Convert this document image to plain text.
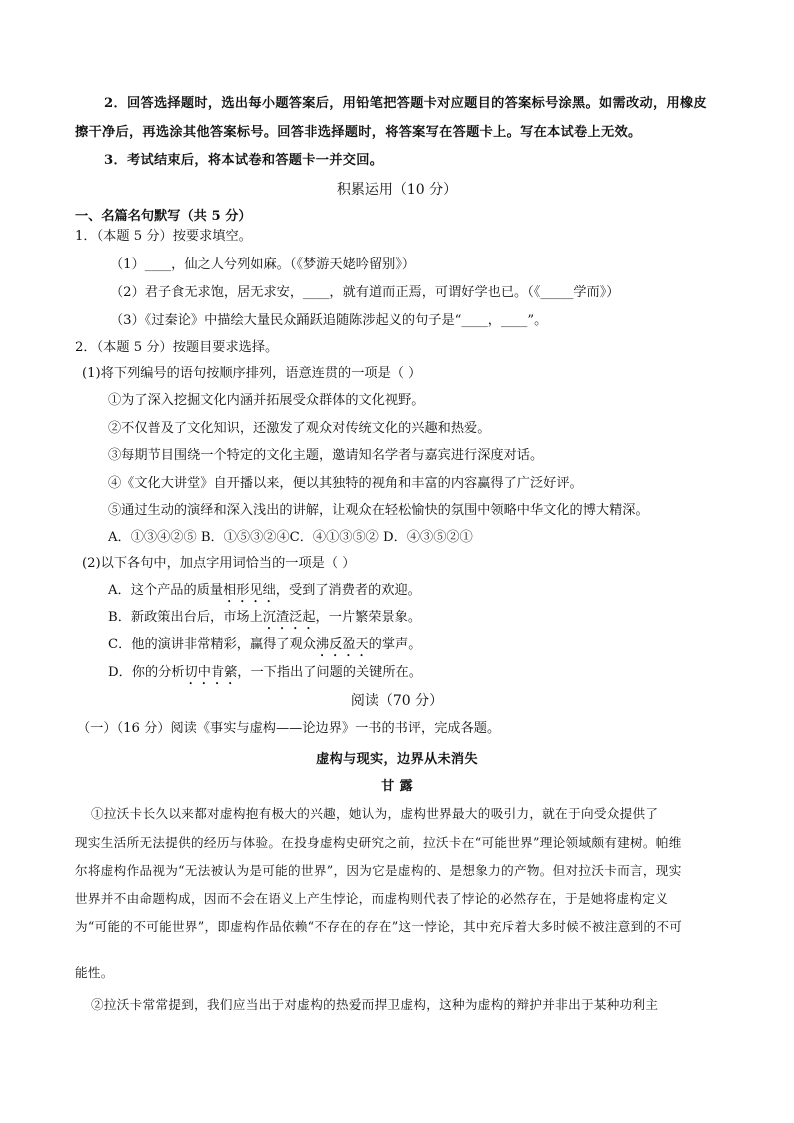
2．回答选择题时，选出每小题答案后，用铅笔把答题卡对应题目的答案标号涂黑。如需改动，用橡皮
擦干净后，再选涂其他答案标号。回答非选择题时，将答案写在答题卡上。写在本试卷上无效。
3．考试结束后，将本试卷和答题卡一并交回。
积累运用（10 分）
一、名篇名句默写（共 5 分）
1．（本题 5 分）按要求填空。
（1）____，仙之人兮列如麻。（《梦游天姥吟留别》）
（2）君子食无求饱，居无求安，____，就有道而正焉，可谓好学也已。（《_____学而》）
（3）《过秦论》中描绘大量民众踊跃追随陈涉起义的句子是“____，____”。
2．（本题 5 分）按题目要求选择。
(1)将下列编号的语句按顺序排列，语意连贯的一项是（ ）
①为了深入挖掘文化内涵并拓展受众群体的文化视野。
②不仅普及了文化知识，还激发了观众对传统文化的兴趣和热爱。
③每期节目围绕一个特定的文化主题，邀请知名学者与嘉宾进行深度对话。
④《文化大讲堂》自开播以来，便以其独特的视角和丰富的内容赢得了广泛好评。
⑤通过生动的演绎和深入浅出的讲解，让观众在轻松愉快的氛围中领略中华文化的博大精深。
A．①③④②⑤ B．①⑤③②④C．④①③⑤② D．④③⑤②①
(2)以下各句中，加点字用词恰当的一项是（ ）
A．这个产品的质量相形见绌，受到了消费者的欢迎。
B．新政策出台后，市场上沉渣泛起，一片繁荣景象。
C．他的演讲非常精彩，赢得了观众沸反盈天的掌声。
D．你的分析切中肯綮，一下指出了问题的关键所在。
阅读（70 分）
（一）（16 分）阅读《事实与虚构——论边界》一书的书评，完成各题。
虚构与现实，边界从未消失
甘 露
①拉沃卡长久以来都对虚构抱有极大的兴趣，她认为，虚构世界最大的吸引力，就在于向受众提供了
现实生活所无法提供的经历与体验。在投身虚构史研究之前，拉沃卡在“可能世界”理论领域颇有建树。帕维
尔将虚构作品视为“无法被认为是可能的世界”，因为它是虚构的、是想象力的产物。但对拉沃卡而言，现实
世界并不由命题构成，因而不会在语义上产生悖论，而虚构则代表了悖论的必然存在，于是她将虚构定义
为“可能的不可能世界”，即虚构作品依赖“不存在的存在”这一悖论，其中充斥着大多时候不被注意到的不可
能性。
②拉沃卡常常提到，我们应当出于对虚构的热爱而捍卫虚构，这种为虚构的辩护并非出于某种功利主
